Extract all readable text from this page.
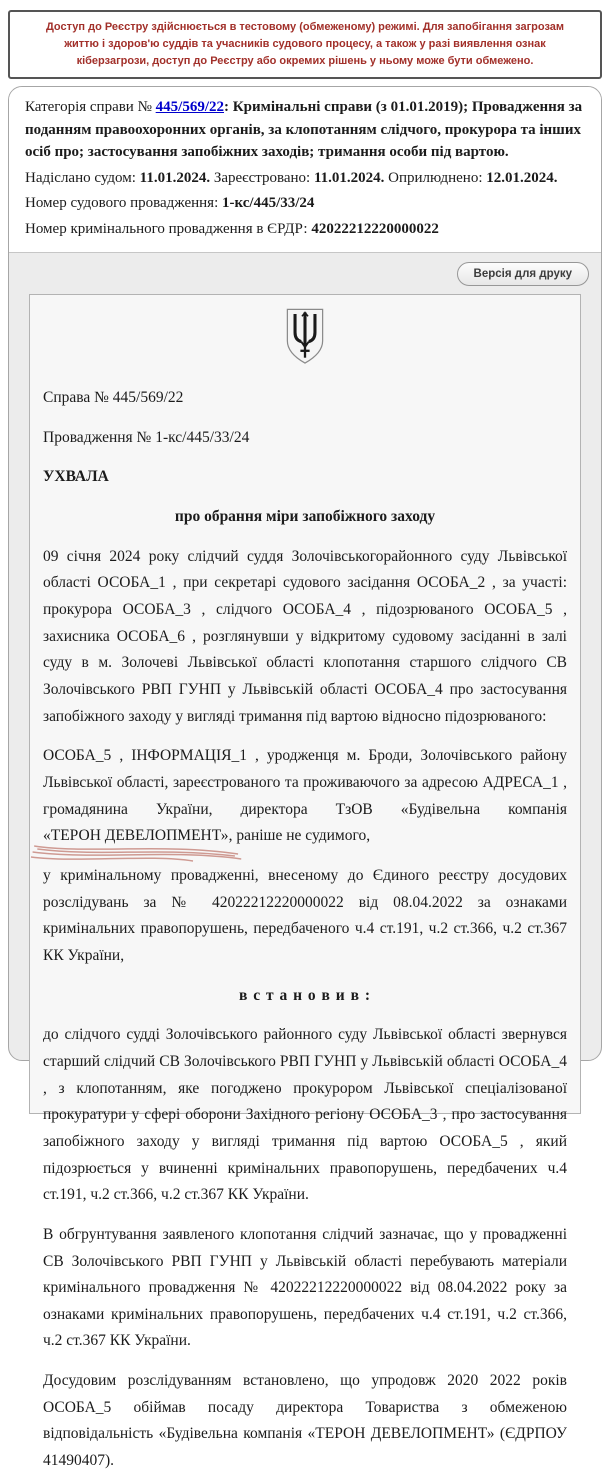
Доступ до Реєстру здійснюється в тестовому (обмеженому) режимі. Для запобігання загрозам життю і здоров'ю суддів та учасників судового процесу, а також у разі виявлення ознак кіберзагрози, доступ до Реєстру або окремих рішень у ньому може бути обмежено.

Категорія справи № 445/569/22: Кримінальні справи (з 01.01.2019); Провадження за поданням правоохоронних органів, за клопотанням слідчого, прокурора та інших осіб про; застосування запобіжних заходів; тримання особи під вартою.

Надіслано судом: 11.01.2024. Зареєстровано: 11.01.2024. Оприлюднено: 12.01.2024.

Номер судового провадження: 1-кс/445/33/24

Номер кримінального провадження в ЄРДР: 42022212220000022

Версія для друку

Справа № 445/569/22

Провадження № 1-кс/445/33/24

УХВАЛА

про обрання міри запобіжного заходу

09 січня 2024 року слідчий суддя Золочівськогорайонного суду Львівської області ОСОБА_1 , при секретарі судового засідання ОСОБА_2 , за участі: прокурора ОСОБА_3 , слідчого ОСОБА_4 , підозрюваного ОСОБА_5 , захисника ОСОБА_6 , розглянувши у відкритому судовому засіданні в залі суду в м. Золочеві Львівської області клопотання старшого слідчого СВ Золочівського РВП ГУНП у Львівській області ОСОБА_4 про застосування запобіжного заходу у вигляді тримання під вартою відносно підозрюваного:

ОСОБА_5 , ІНФОРМАЦІЯ_1 , уродженця м. Броди, Золочівського району Львівської області, зареєстрованого та проживаючого за адресою АДРЕСА_1 , громадянина України, директора ТзОВ «Будівельна компанія «ТЕРОН ДЕВЕЛОПМЕНТ»
, раніше не судимого,

у кримінальному провадженні, внесеному до Єдиного реєстру досудових розслідувань за № 42022212220000022 від 08.04.2022 за ознаками кримінальних правопорушень, передбаченого ч.4 ст.191, ч.2 ст.366, ч.2 ст.367 КК України,

в с т а н о в и в :

до слідчого судді Золочівського районного суду Львівської області звернувся старший слідчий СВ Золочівського РВП ГУНП у Львівській області ОСОБА_4 , з клопотанням, яке погоджено прокурором Львівської спеціалізованої прокуратури у сфері оборони Західного регіону ОСОБА_3 , про застосування запобіжного заходу у вигляді тримання під вартою ОСОБА_5 , який підозрюється у вчиненні кримінальних правопорушень, передбачених ч.4 ст.191, ч.2 ст.366, ч.2 ст.367 КК України.

В обгрунтування заявленого клопотання слідчий зазначає, що у провадженні СВ Золочівського РВП ГУНП у Львівській області перебувають матеріали кримінального провадження № 42022212220000022 від 08.04.2022 року за ознаками кримінальних правопорушень, передбачених ч.4 ст.191, ч.2 ст.366, ч.2 ст.367 КК України.

Досудовим розслідуванням встановлено, що упродовж 2020 2022 років ОСОБА_5 обіймав посаду директора Товариства з обмеженою відповідальність «Будівельна компанія «ТЕРОН ДЕВЕЛОПМЕНТ» (ЄДРПОУ 41490407).
